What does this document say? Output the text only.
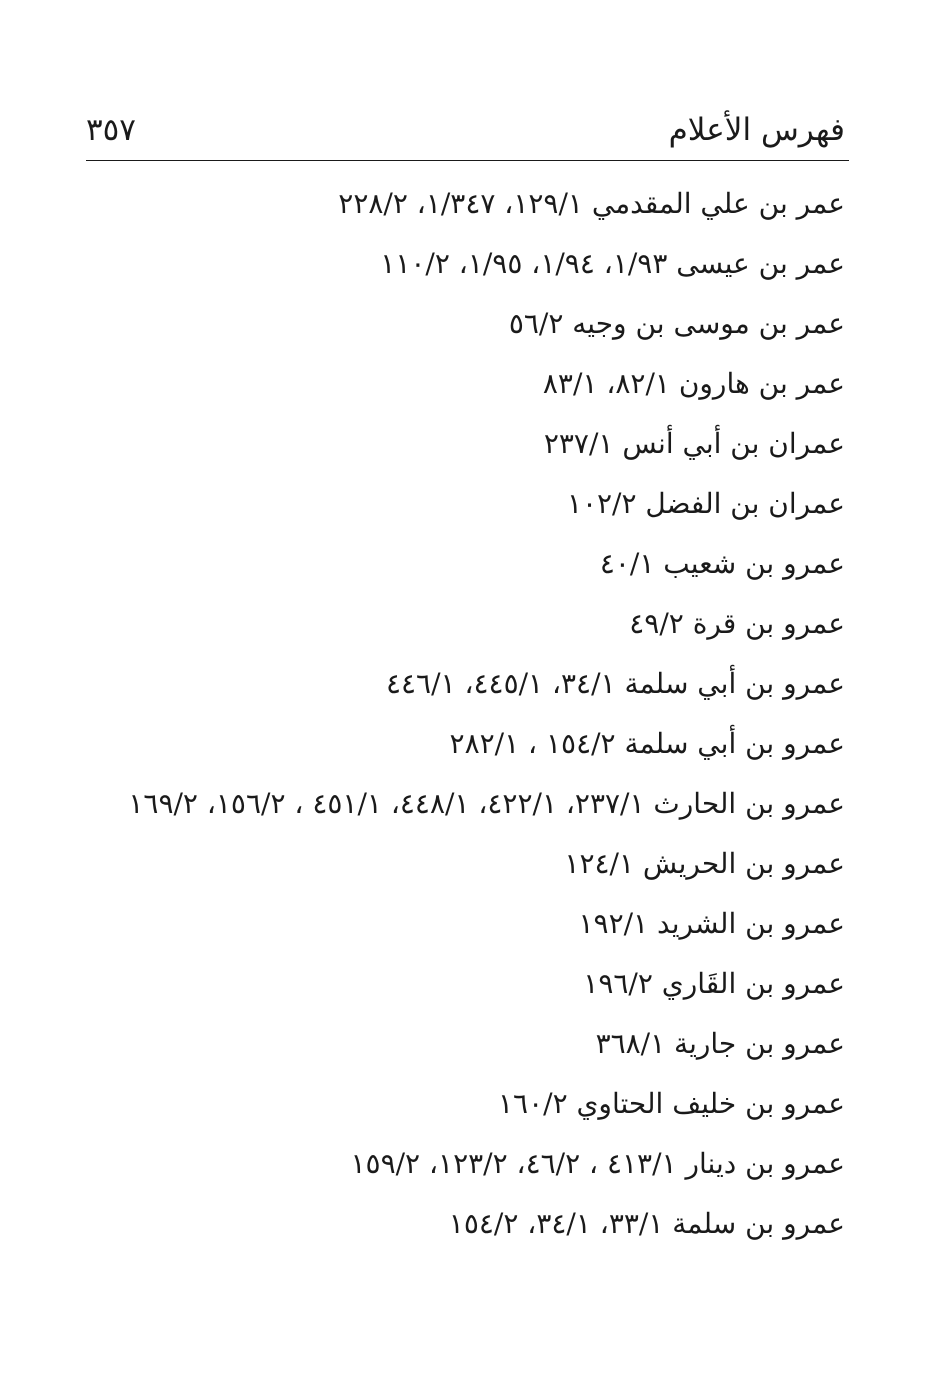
فهرس الأعلام
٣٥٧
عمر بن علي المقدمي ١٢٩/١، ١/٣٤٧، ٢٢٨/٢
عمر بن عيسى ١/٩٣، ١/٩٤، ١/٩٥، ١١٠/٢
عمر بن موسى بن وجيه ٥٦/٢
عمر بن هارون ٨٢/١، ٨٣/١
عمران بن أبي أنس ٢٣٧/١
عمران بن الفضل ١٠٢/٢
عمرو بن شعيب ٤٠/١
عمرو بن قرة ٤٩/٢
عمرو بن أبي سلمة ٣٤/١، ٤٤٥/١، ٤٤٦/١
عمرو بن أبي سلمة ١٥٤/٢ ، ٢٨٢/١
عمرو بن الحارث ٢٣٧/١، ٤٢٢/١، ٤٤٨/١، ٤٥١/١ ، ١٥٦/٢، ١٦٩/٢
عمرو بن الحريش ١٢٤/١
عمرو بن الشريد ١٩٢/١
عمرو بن القَاري ١٩٦/٢
عمرو بن جارية ٣٦٨/١
عمرو بن خليف الحتاوي ١٦٠/٢
عمرو بن دينار ٤١٣/١ ، ٤٦/٢، ١٢٣/٢، ١٥٩/٢
عمرو بن سلمة ٣٣/١، ٣٤/١، ١٥٤/٢
